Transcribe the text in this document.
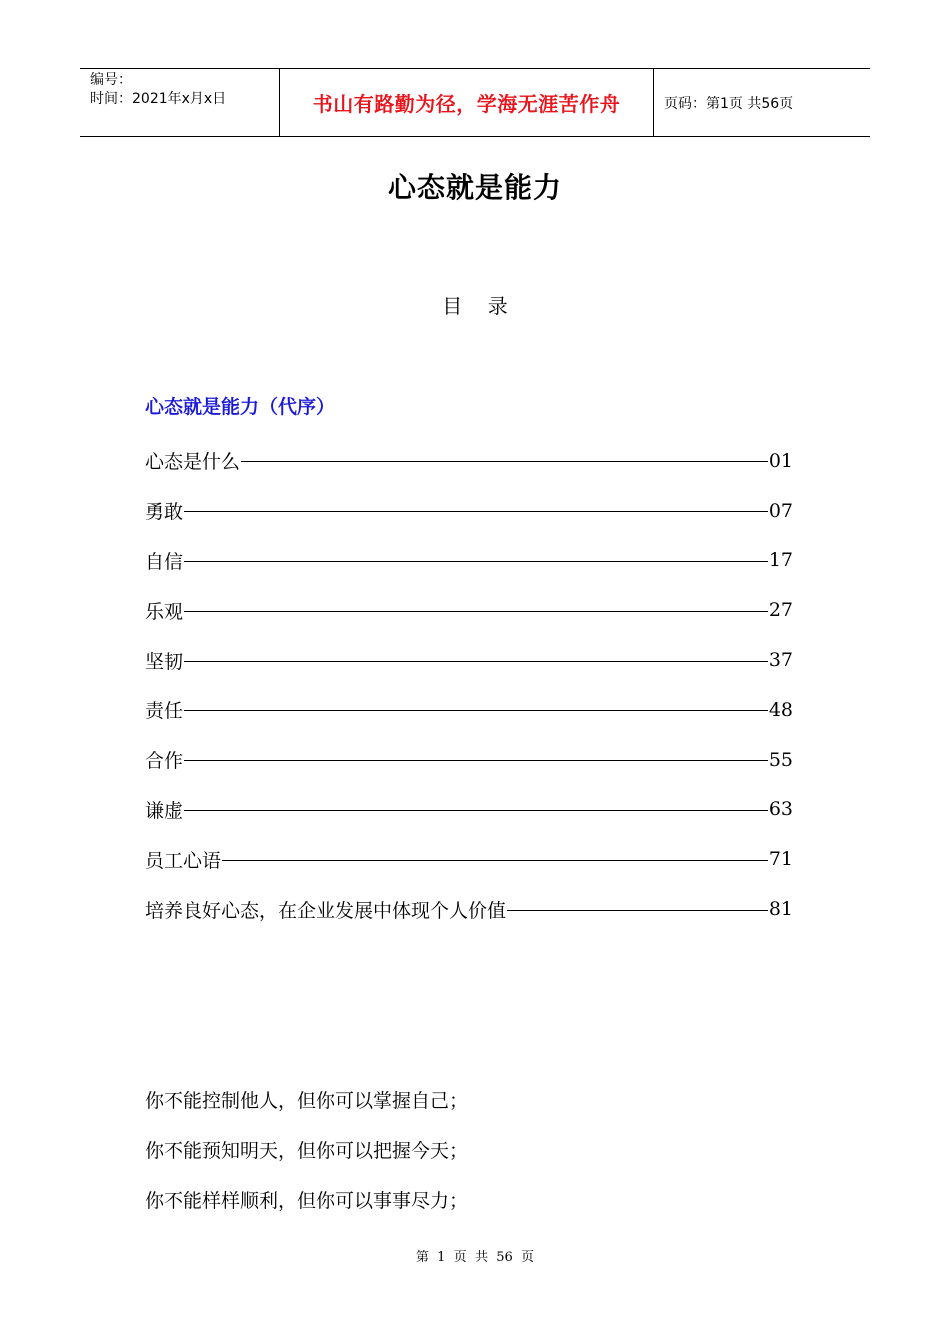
编号：
时间：2021年x月x日	书山有路勤为径，学海无涯苦作舟	页码：第1页 共56页
心态就是能力
目    录
心态就是能力（代序）
心态是什么	01
勇敢	07
自信	17
乐观	27
坚韧	37
责任	48
合作	55
谦虚	63
员工心语	71
培养良好心态，在企业发展中体现个人价值	81
你不能控制他人，但你可以掌握自己；
你不能预知明天，但你可以把握今天；
你不能样样顺利，但你可以事事尽力；
第  1  页  共  56  页
